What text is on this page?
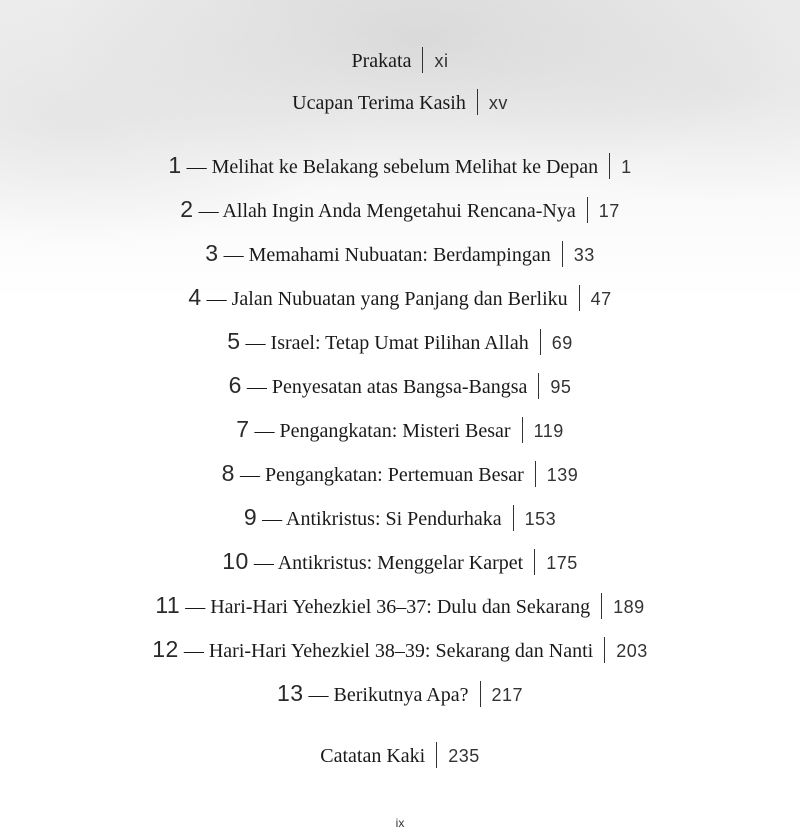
Prakata xi
Ucapan Terima Kasih xv
1 — Melihat ke Belakang sebelum Melihat ke Depan 1
2 — Allah Ingin Anda Mengetahui Rencana-Nya 17
3 — Memahami Nubuatan: Berdampingan 33
4 — Jalan Nubuatan yang Panjang dan Berliku 47
5 — Israel: Tetap Umat Pilihan Allah 69
6 — Penyesatan atas Bangsa-Bangsa 95
7 — Pengangkatan: Misteri Besar 119
8 — Pengangkatan: Pertemuan Besar 139
9 — Antikristus: Si Pendurhaka 153
10 — Antikristus: Menggelar Karpet 175
11 — Hari-Hari Yehezkiel 36–37: Dulu dan Sekarang 189
12 — Hari-Hari Yehezkiel 38–39: Sekarang dan Nanti 203
13 — Berikutnya Apa? 217
Catatan Kaki 235
ix
